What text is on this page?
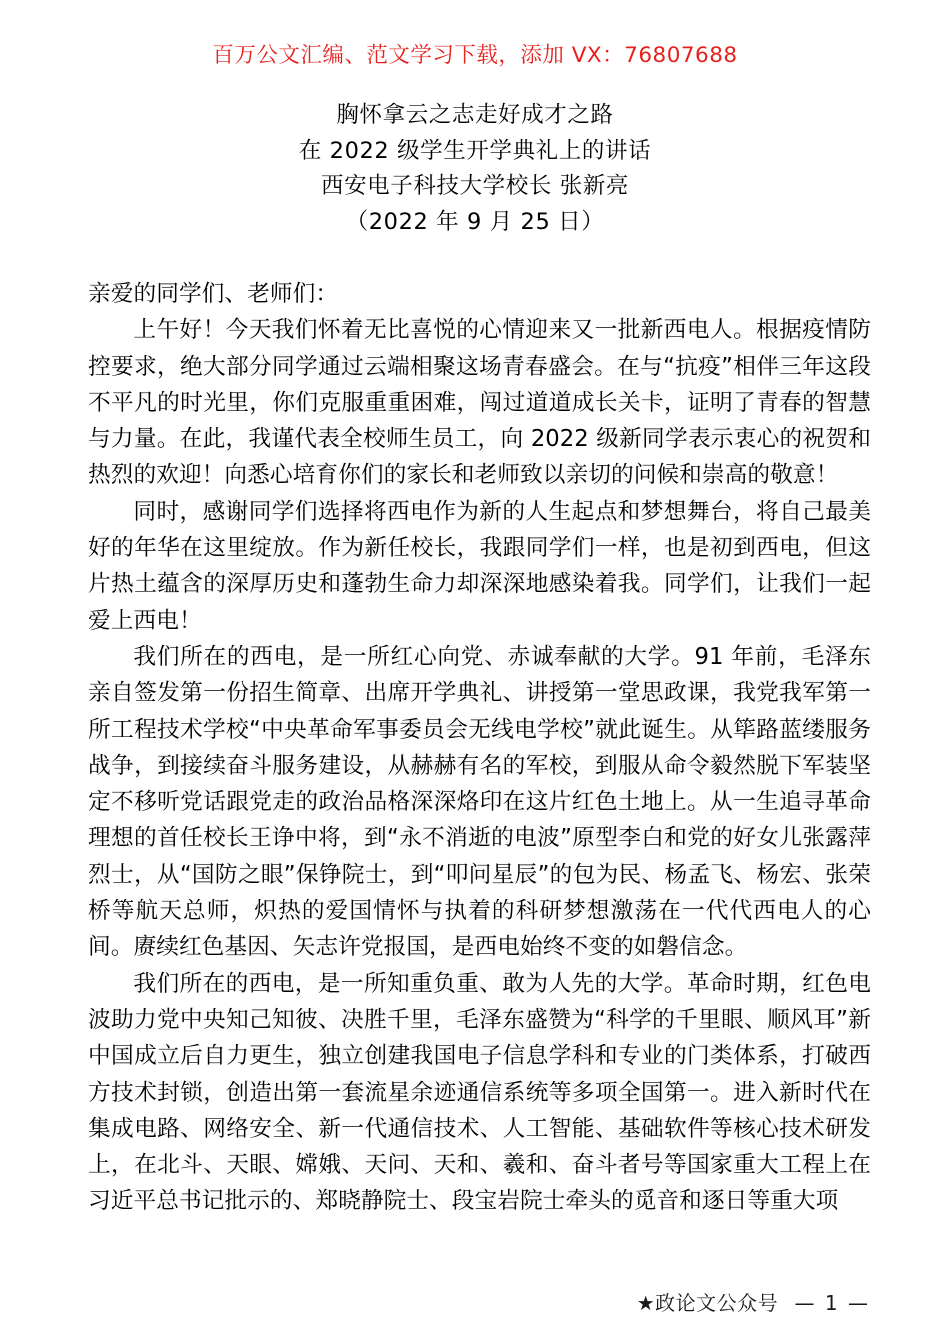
百万公文汇编、范文学习下载，添加 VX：76807688
胸怀拿云之志走好成才之路
在 2022 级学生开学典礼上的讲话
西安电子科技大学校长 张新亮
（2022 年 9 月 25 日）

亲爱的同学们、老师们：

上午好！今天我们怀着无比喜悦的心情迎来又一批新西电人。根据疫情防控要求，绝大部分同学通过云端相聚这场青春盛会。在与“抗疫”相伴三年这段不平凡的时光里，你们克服重重困难，闯过道道成长关卡，证明了青春的智慧与力量。在此，我谨代表全校师生员工，向 2022 级新同学表示衷心的祝贺和热烈的欢迎！向悉心培育你们的家长和老师致以亲切的问候和崇高的敬意！

同时，感谢同学们选择将西电作为新的人生起点和梦想舞台，将自己最美好的年华在这里绽放。作为新任校长，我跟同学们一样，也是初到西电，但这片热土蕴含的深厚历史和蓬勃生命力却深深地感染着我。同学们，让我们一起爱上西电！

我们所在的西电，是一所红心向党、赤诚奉献的大学。91 年前，毛泽东亲自签发第一份招生简章、出席开学典礼、讲授第一堂思政课，我党我军第一所工程技术学校“中央革命军事委员会无线电学校”就此诞生。从筚路蓝缕服务战争，到接续奋斗服务建设，从赫赫有名的军校，到服从命令毅然脱下军装坚定不移听党话跟党走的政治品格深深烙印在这片红色土地上。从一生追寻革命理想的首任校长王诤中将，到“永不消逝的电波”原型李白和党的好女儿张露萍烈士，从“国防之眼”保铮院士，到“叩问星辰”的包为民、杨孟飞、杨宏、张荣桥等航天总师，炽热的爱国情怀与执着的科研梦想激荡在一代代西电人的心间。赓续红色基因、矢志许党报国，是西电始终不变的如磐信念。

我们所在的西电，是一所知重负重、敢为人先的大学。革命时期，红色电波助力党中央知己知彼、决胜千里，毛泽东盛赞为“科学的千里眼、顺风耳”新中国成立后自力更生，独立创建我国电子信息学科和专业的门类体系，打破西方技术封锁，创造出第一套流星余迹通信系统等多项全国第一。进入新时代在集成电路、网络安全、新一代通信技术、人工智能、基础软件等核心技术研发上，在北斗、天眼、嫦娥、天问、天和、羲和、奋斗者号等国家重大工程上在习近平总书记批示的、郑晓静院士、段宝岩院士牵头的觅音和逐日等重大项

★政论文公众号 — 1 —
